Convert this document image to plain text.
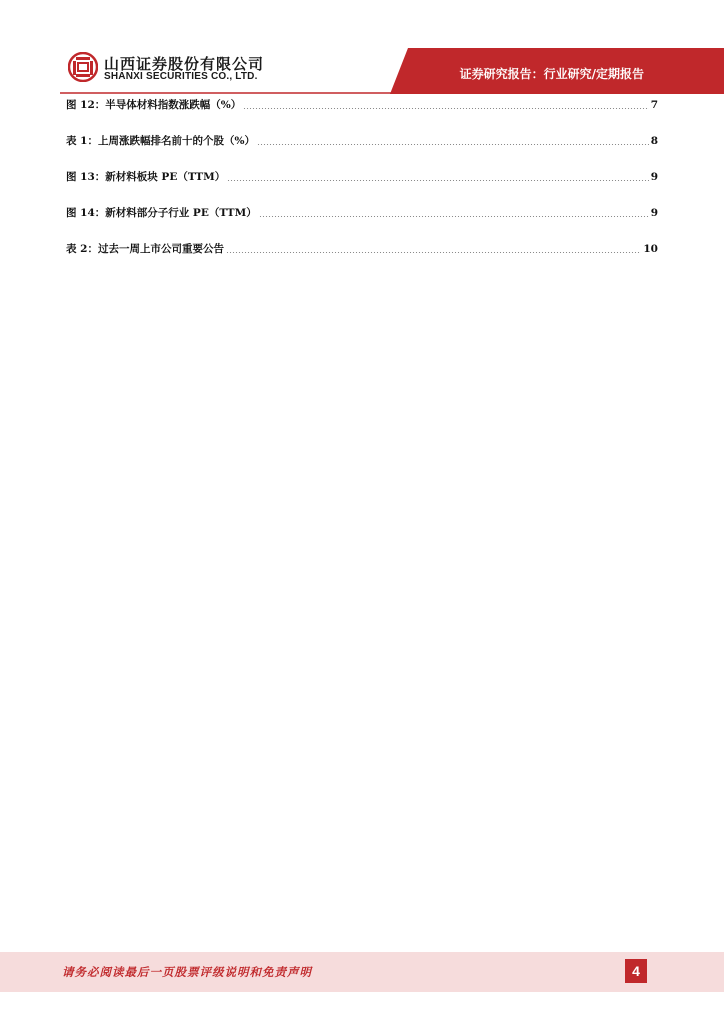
山西证券股份有限公司
SHANXI SECURITIES CO., LTD.	证券研究报告：行业研究/定期报告
图 12：半导体材料指数涨跌幅（%）	7
表 1：上周涨跌幅排名前十的个股（%）	8
图 13：新材料板块 PE（TTM）	9
图 14：新材料部分子行业 PE（TTM）	9
表 2：过去一周上市公司重要公告	10
请务必阅读最后一页股票评级说明和免责声明	4
